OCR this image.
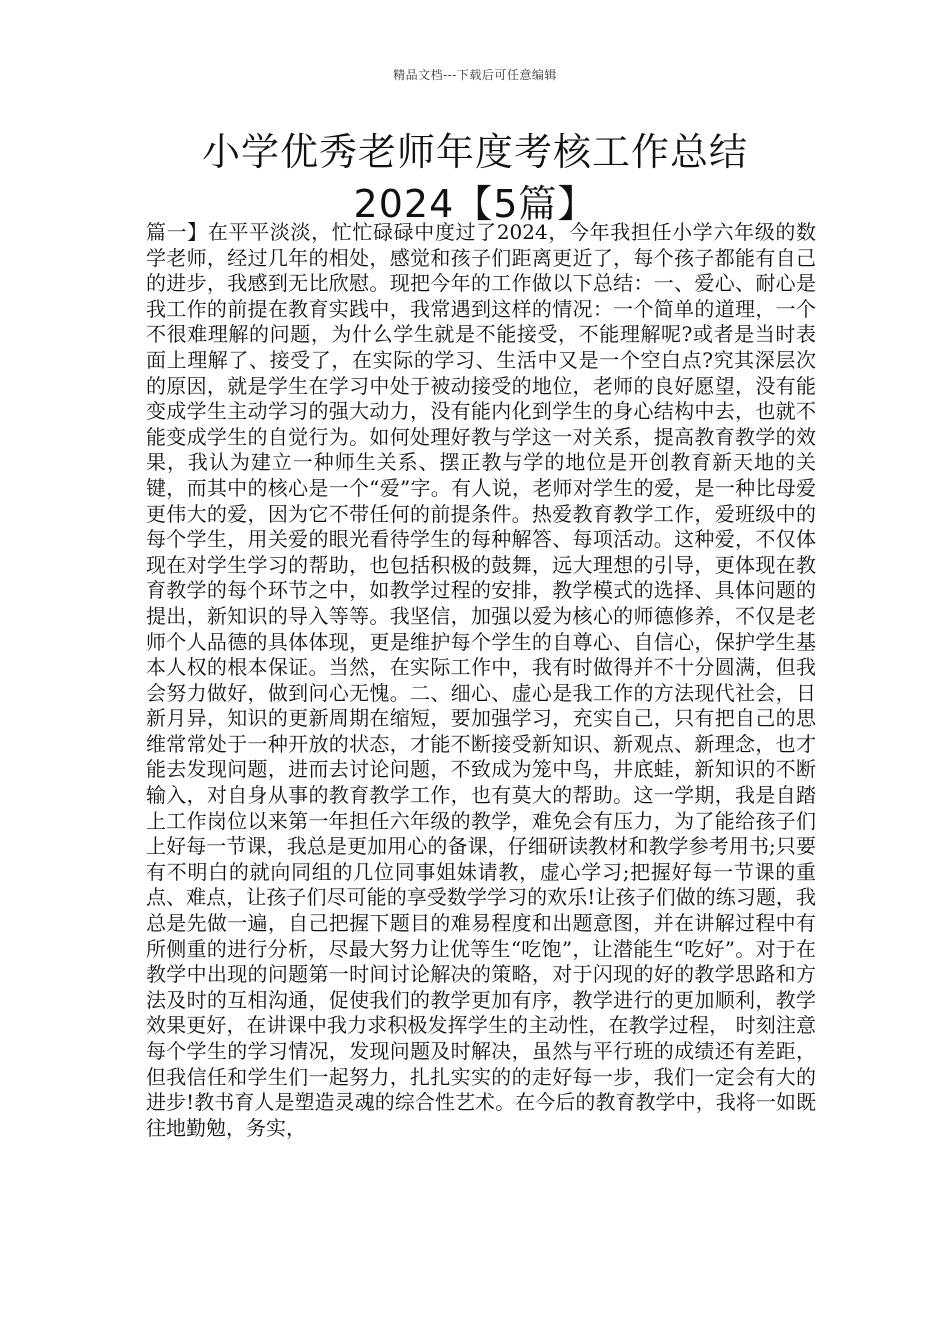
精品文档---下载后可任意编辑
小学优秀老师年度考核工作总结
2024【5篇】

篇一】在平平淡淡，忙忙碌碌中度过了2024，今年我担任小学六年级的数学老师，经过几年的相处，感觉和孩子们距离更近了，每个孩子都能有自己的进步，我感到无比欣慰。现把今年的工作做以下总结：一、爱心、耐心是我工作的前提在教育实践中，我常遇到这样的情况：一个简单的道理，一个不很难理解的问题，为什么学生就是不能接受，不能理解呢?或者是当时表面上理解了、接受了，在实际的学习、生活中又是一个空白点?究其深层次的原因，就是学生在学习中处于被动接受的地位，老师的良好愿望，没有能变成学生主动学习的强大动力，没有能内化到学生的身心结构中去，也就不能变成学生的自觉行为。如何处理好教与学这一对关系，提高教育教学的效果，我认为建立一种师生关系、摆正教与学的地位是开创教育新天地的关键，而其中的核心是一个“爱”字。有人说，老师对学生的爱，是一种比母爱更伟大的爱，因为它不带任何的前提条件。热爱教育教学工作，爱班级中的每个学生，用关爱的眼光看待学生的每种解答、每项活动。这种爱，不仅体现在对学生学习的帮助，也包括积极的鼓舞，远大理想的引导，更体现在教育教学的每个环节之中，如教学过程的安排，教学模式的选择、具体问题的提出，新知识的导入等等。我坚信，加强以爱为核心的师德修养，不仅是老师个人品德的具体体现，更是维护每个学生的自尊心、自信心，保护学生基本人权的根本保证。当然，在实际工作中，我有时做得并不十分圆满，但我会努力做好，做到问心无愧。二、细心、虚心是我工作的方法现代社会，日新月异，知识的更新周期在缩短，要加强学习，充实自己，只有把自己的思维常常处于一种开放的状态，才能不断接受新知识、新观点、新理念，也才能去发现问题，进而去讨论问题，不致成为笼中鸟，井底蛙，新知识的不断输入，对自身从事的教育教学工作，也有莫大的帮助。这一学期，我是自踏上工作岗位以来第一年担任六年级的教学，难免会有压力，为了能给孩子们上好每一节课，我总是更加用心的备课，仔细研读教材和教学参考用书;只要有不明白的就向同组的几位同事姐妹请教，虚心学习;把握好每一节课的重点、难点，让孩子们尽可能的享受数学学习的欢乐!让孩子们做的练习题，我总是先做一遍，自己把握下题目的难易程度和出题意图，并在讲解过程中有所侧重的进行分析，尽最大努力让优等生“吃饱”，让潜能生“吃好”。对于在教学中出现的问题第一时间讨论解决的策略，对于闪现的好的教学思路和方法及时的互相沟通，促使我们的教学更加有序，教学进行的更加顺利，教学效果更好，在讲课中我力求积极发挥学生的主动性，在教学过程， 时刻注意每个学生的学习情况，发现问题及时解决，虽然与平行班的成绩还有差距，但我信任和学生们一起努力，扎扎实实的的走好每一步，我们一定会有大的进步!教书育人是塑造灵魂的综合性艺术。在今后的教育教学中，我将一如既往地勤勉，务实，
